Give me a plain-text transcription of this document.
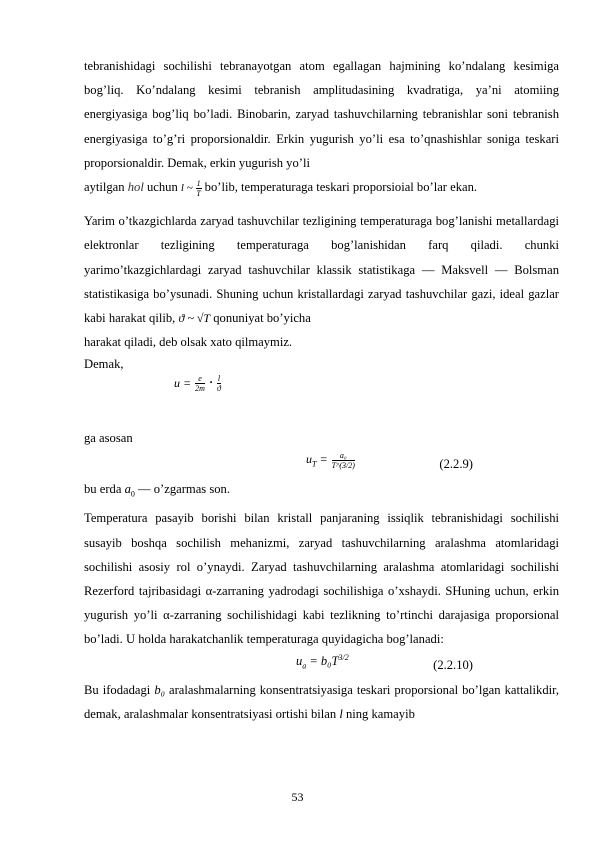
tebranishidagi sochilishi tebranayotgan atom egallagan hajmining ko’ndalang kesimiga bog’liq. Ko’ndalang kesimi tebranish amplitudasining kvadratiga, ya’ni atomiing energiyasiga bog’liq bo’ladi. Binobarin, zaryad tashuvchilarning tebranishlar soni tebranish energiyasiga to’g’ri proporsionaldir. Erkin yugurish yo’li esa to’qnashishlar soniga teskari proporsionaldir. Demak, erkin yugurish yo’li

aytilgan hol uchun l ~ $\frac{1}{T}$ bo’lib, temperaturaga teskari proporsioial bo’lar ekan.

Yarim o’tkazgichlarda zaryad tashuvchilar tezligining temperaturaga bog’lanishi metallardagi elektronlar tezligining temperaturaga bog’lanishidan farq qiladi. chunki yarimo’tkazgichlardagi zaryad tashuvchilar klassik statistikaga — Maksvell — Bolsman statistikasiga bo’ysunadi. Shuning uchun kristallardagi zaryad tashuvchilar gazi, ideal gazlar kabi harakat qilib, ϑ ~ √T qonuniyat bo’yicha

harakat qiladi, deb olsak xato qilmaymiz.

Demak,

$u = \frac{e}{2m} \cdot \frac{l}{ϑ}$

ga asosan

$u_T = \frac{\text{a₀}}{T\^{}(3/2)}$	(2.2.9)

bu erda $a_0$ — o’zgarmas son.

Temperatura pasayib borishi bilan kristall panjaraning issiqlik tebranishidagi sochilishi susayib boshqa sochilish mehanizmi, zaryad tashuvchilarning aralashma atomlaridagi sochilishi asosiy rol o’ynaydi. Zaryad tashuvchilarning aralashma atomlaridagi sochilishi Rezerford tajribasidagi α-zarraning yadrodagi sochilishiga o’xshaydi. SHuning uchun, erkin yugurish yo’li α-zarraning sochilishidagi kabi tezlikning to’rtinchi darajasiga proporsional bo’ladi. U holda harakatchanlik temperaturaga quyidagicha bog’lanadi:

$u_a = b_0T^{3/2}$
(2.2.10)

Bu ifodadagi b₀ aralashmalarning konsentratsiyasiga teskari proporsional bo’lgan kattalikdir, demak, aralashmalar konsentratsiyasi ortishi bilan l ning kamayib

53
